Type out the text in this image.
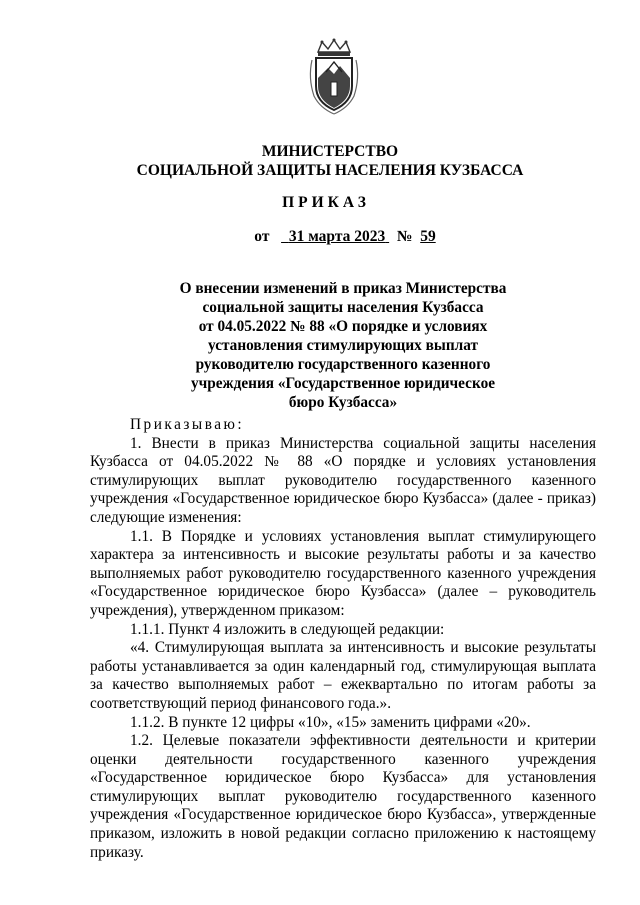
МИНИСТЕРСТВО
СОЦИАЛЬНОЙ ЗАЩИТЫ НАСЕЛЕНИЯ КУЗБАССА
ПРИКАЗ
от 31 марта 2023 № 59
О внесении изменений в приказ Министерства
социальной защиты населения Кузбасса
от 04.05.2022 № 88 «О порядке и условиях
установления стимулирующих выплат
руководителю государственного казенного
учреждения «Государственное юридическое
бюро Кузбасса»

Приказываю:

1. Внести в приказ Министерства социальной защиты населения Кузбасса от 04.05.2022 № 88 «О порядке и условиях установления стимулирующих выплат руководителю государственного казенного учреждения «Государственное юридическое бюро Кузбасса» (далее - приказ) следующие изменения:

1.1. В Порядке и условиях установления выплат стимулирующего характера за интенсивность и высокие результаты работы и за качество выполняемых работ руководителю государственного казенного учреждения «Государственное юридическое бюро Кузбасса» (далее – руководитель учреждения), утвержденном приказом:

1.1.1. Пункт 4 изложить в следующей редакции:

«4. Стимулирующая выплата за интенсивность и высокие результаты работы устанавливается за один календарный год, стимулирующая выплата за качество выполняемых работ – ежеквартально по итогам работы за соответствующий период финансового года.».

1.1.2. В пункте 12 цифры «10», «15» заменить цифрами «20».

1.2. Целевые показатели эффективности деятельности и критерии оценки деятельности государственного казенного учреждения «Государственное юридическое бюро Кузбасса» для установления стимулирующих выплат руководителю государственного казенного учреждения «Государственное юридическое бюро Кузбасса», утвержденные приказом, изложить в новой редакции согласно приложению к настоящему приказу.
